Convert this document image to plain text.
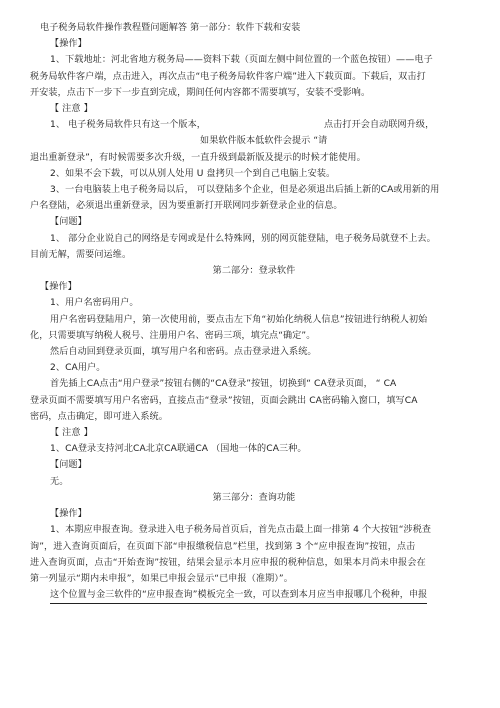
电子税务局软件操作教程暨问题解答 第一部分：软件下载和安装
【操作】
1、下载地址：河北省地方税务局——资料下载（页面左侧中间位置的一个蓝色按钮）——电子
税务局软件客户端，点击进入，再次点击“电子税务局软件客户端”进入下载页面。下载后，双击打
开安装，点击下一步下一步直到完成，期间任何内容都不需要填写，安装不受影响。
【 注意 】
1、 电子税务局软件只有这一个版本，	点击打开会自动联网升级，
如果软件版本低软件会提示 “请
退出重新登录”，有时候需要多次升级，一直升级到最新版及提示的时候才能使用。
2、如果不会下载，可以从别人处用 U 盘拷贝一个到自己电脑上安装。
3、一台电脑装上电子税务局以后， 可以登陆多个企业，但是必须退出后插上新的CA或用新的用
户名登陆，必须退出重新登录，因为要重新打开联网同步新登录企业的信息。
【问题】
1、 部分企业说自己的网络是专网或是什么特殊网，别的网页能登陆，电子税务局就登不上去。
目前无解，需要问运维。
第二部分：登录软件
【操作】
1、用户名密码用户。
用户名密码登陆用户，第一次使用前，要点击左下角“初始化纳税人信息”按钮进行纳税人初始
化，只需要填写纳税人税号、注册用户名、密码三项，填完点“确定”。
然后自动回到登录页面，填写用户名和密码。点击登录进入系统。
2、CA用户。
首先插上CA点击“用户登录”按钮右侧的“CA登录”按钮，切换到“ CA登录页面， “ CA
登录页面不需要填写用户名密码，直接点击“登录”按钮，页面会跳出 CA密码输入窗口，填写CA
密码，点击确定，即可进入系统。
【 注意 】
1、CA登录支持河北CA北京CA联通CA （国地一体的CA三种。
【问题】
无。
第三部分：查询功能
【操作】
1、本期应申报查询。登录进入电子税务局首页后，首先点击最上面一排第 4 个大按钮“涉税查
询”，进入查询页面后，在页面下部“申报缴税信息”栏里，找到第 3 个“应申报查询”按钮，点击
进入查询页面，点击“开始查询”按钮，结果会显示本月应申报的税种信息，如果本月尚未申报会在
第一列显示“期内未申报”，如果已申报会显示“已申报（准期）”。
这个位置与金三软件的“应申报查询”模板完全一致，可以查到本月应当申报哪几个税种，申报
